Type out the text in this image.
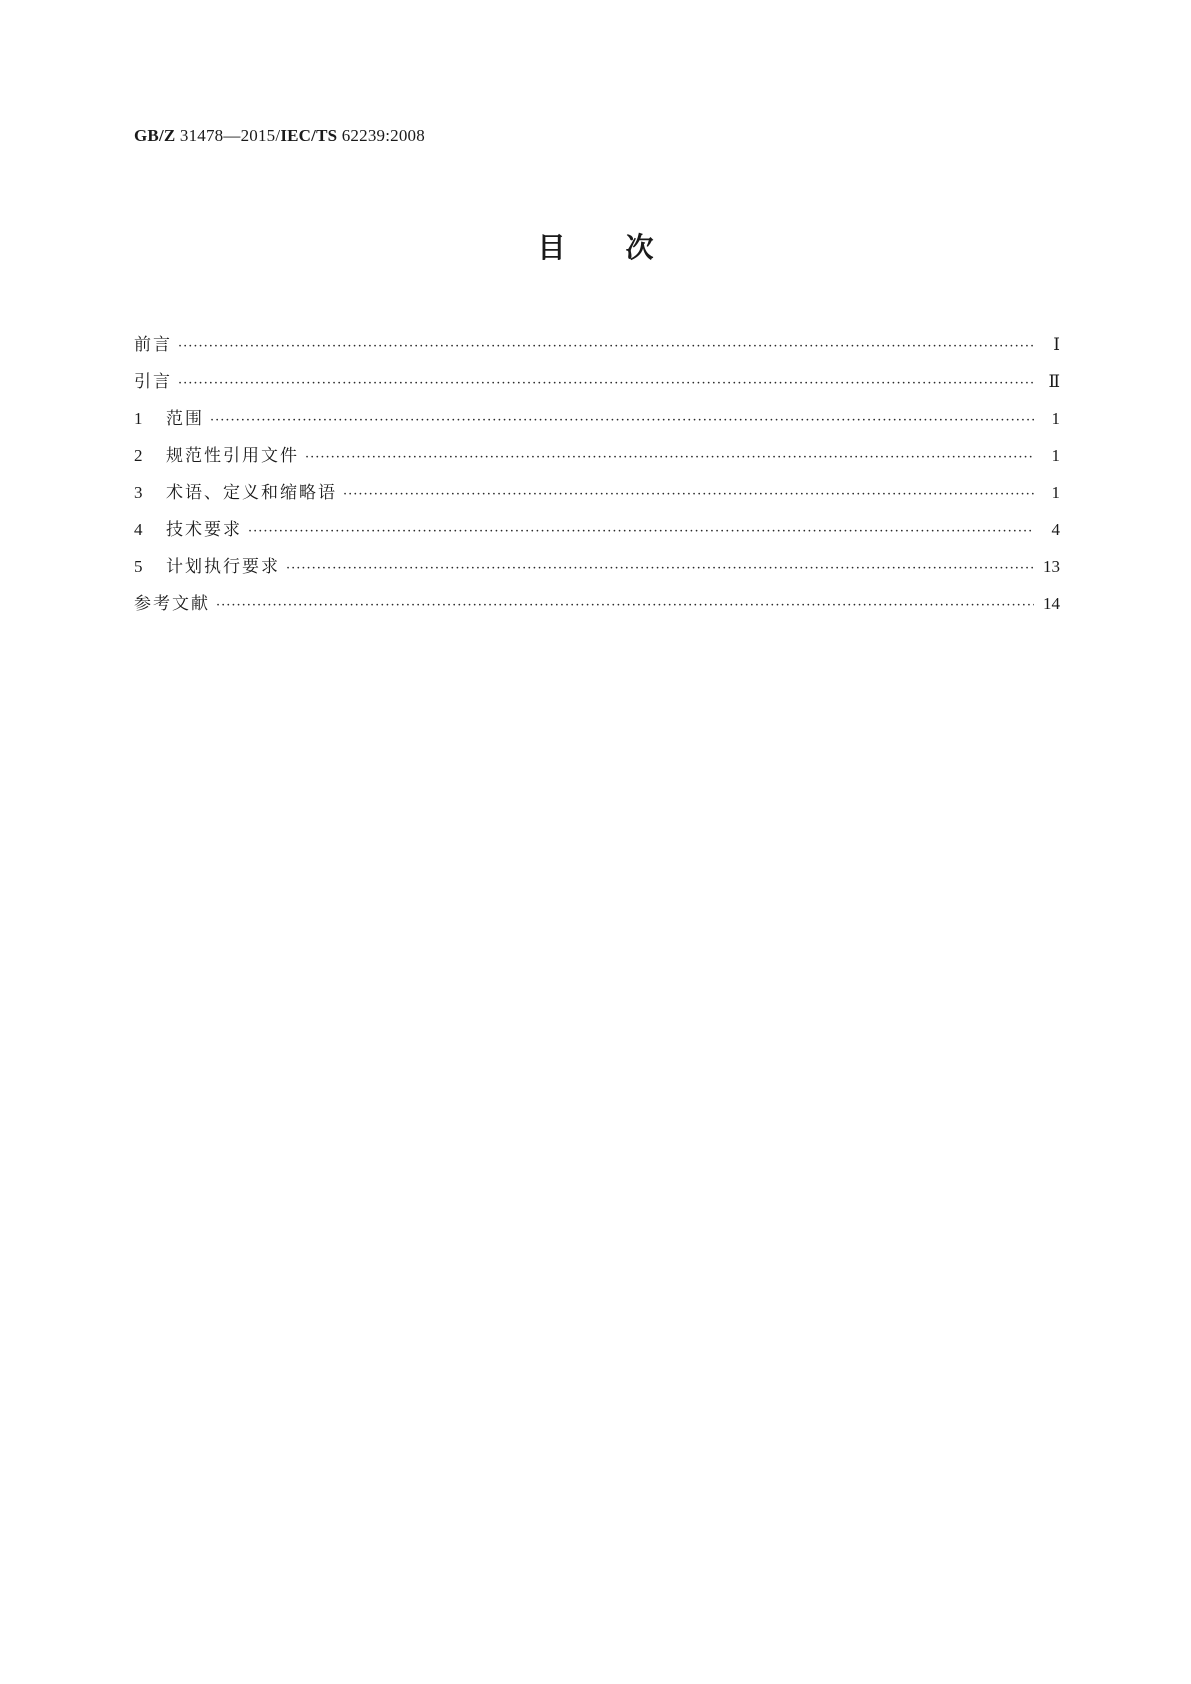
GB/Z 31478—2015/IEC/TS 62239:2008
目次
前言 ·····	Ⅰ
引言 ·····	Ⅱ
1	范围 ·····	1
2	规范性引用文件 ·····	1
3	术语、定义和缩略语 ·····	1
4	技术要求 ·····	4
5	计划执行要求 ·····	13
参考文献 ·····	14
